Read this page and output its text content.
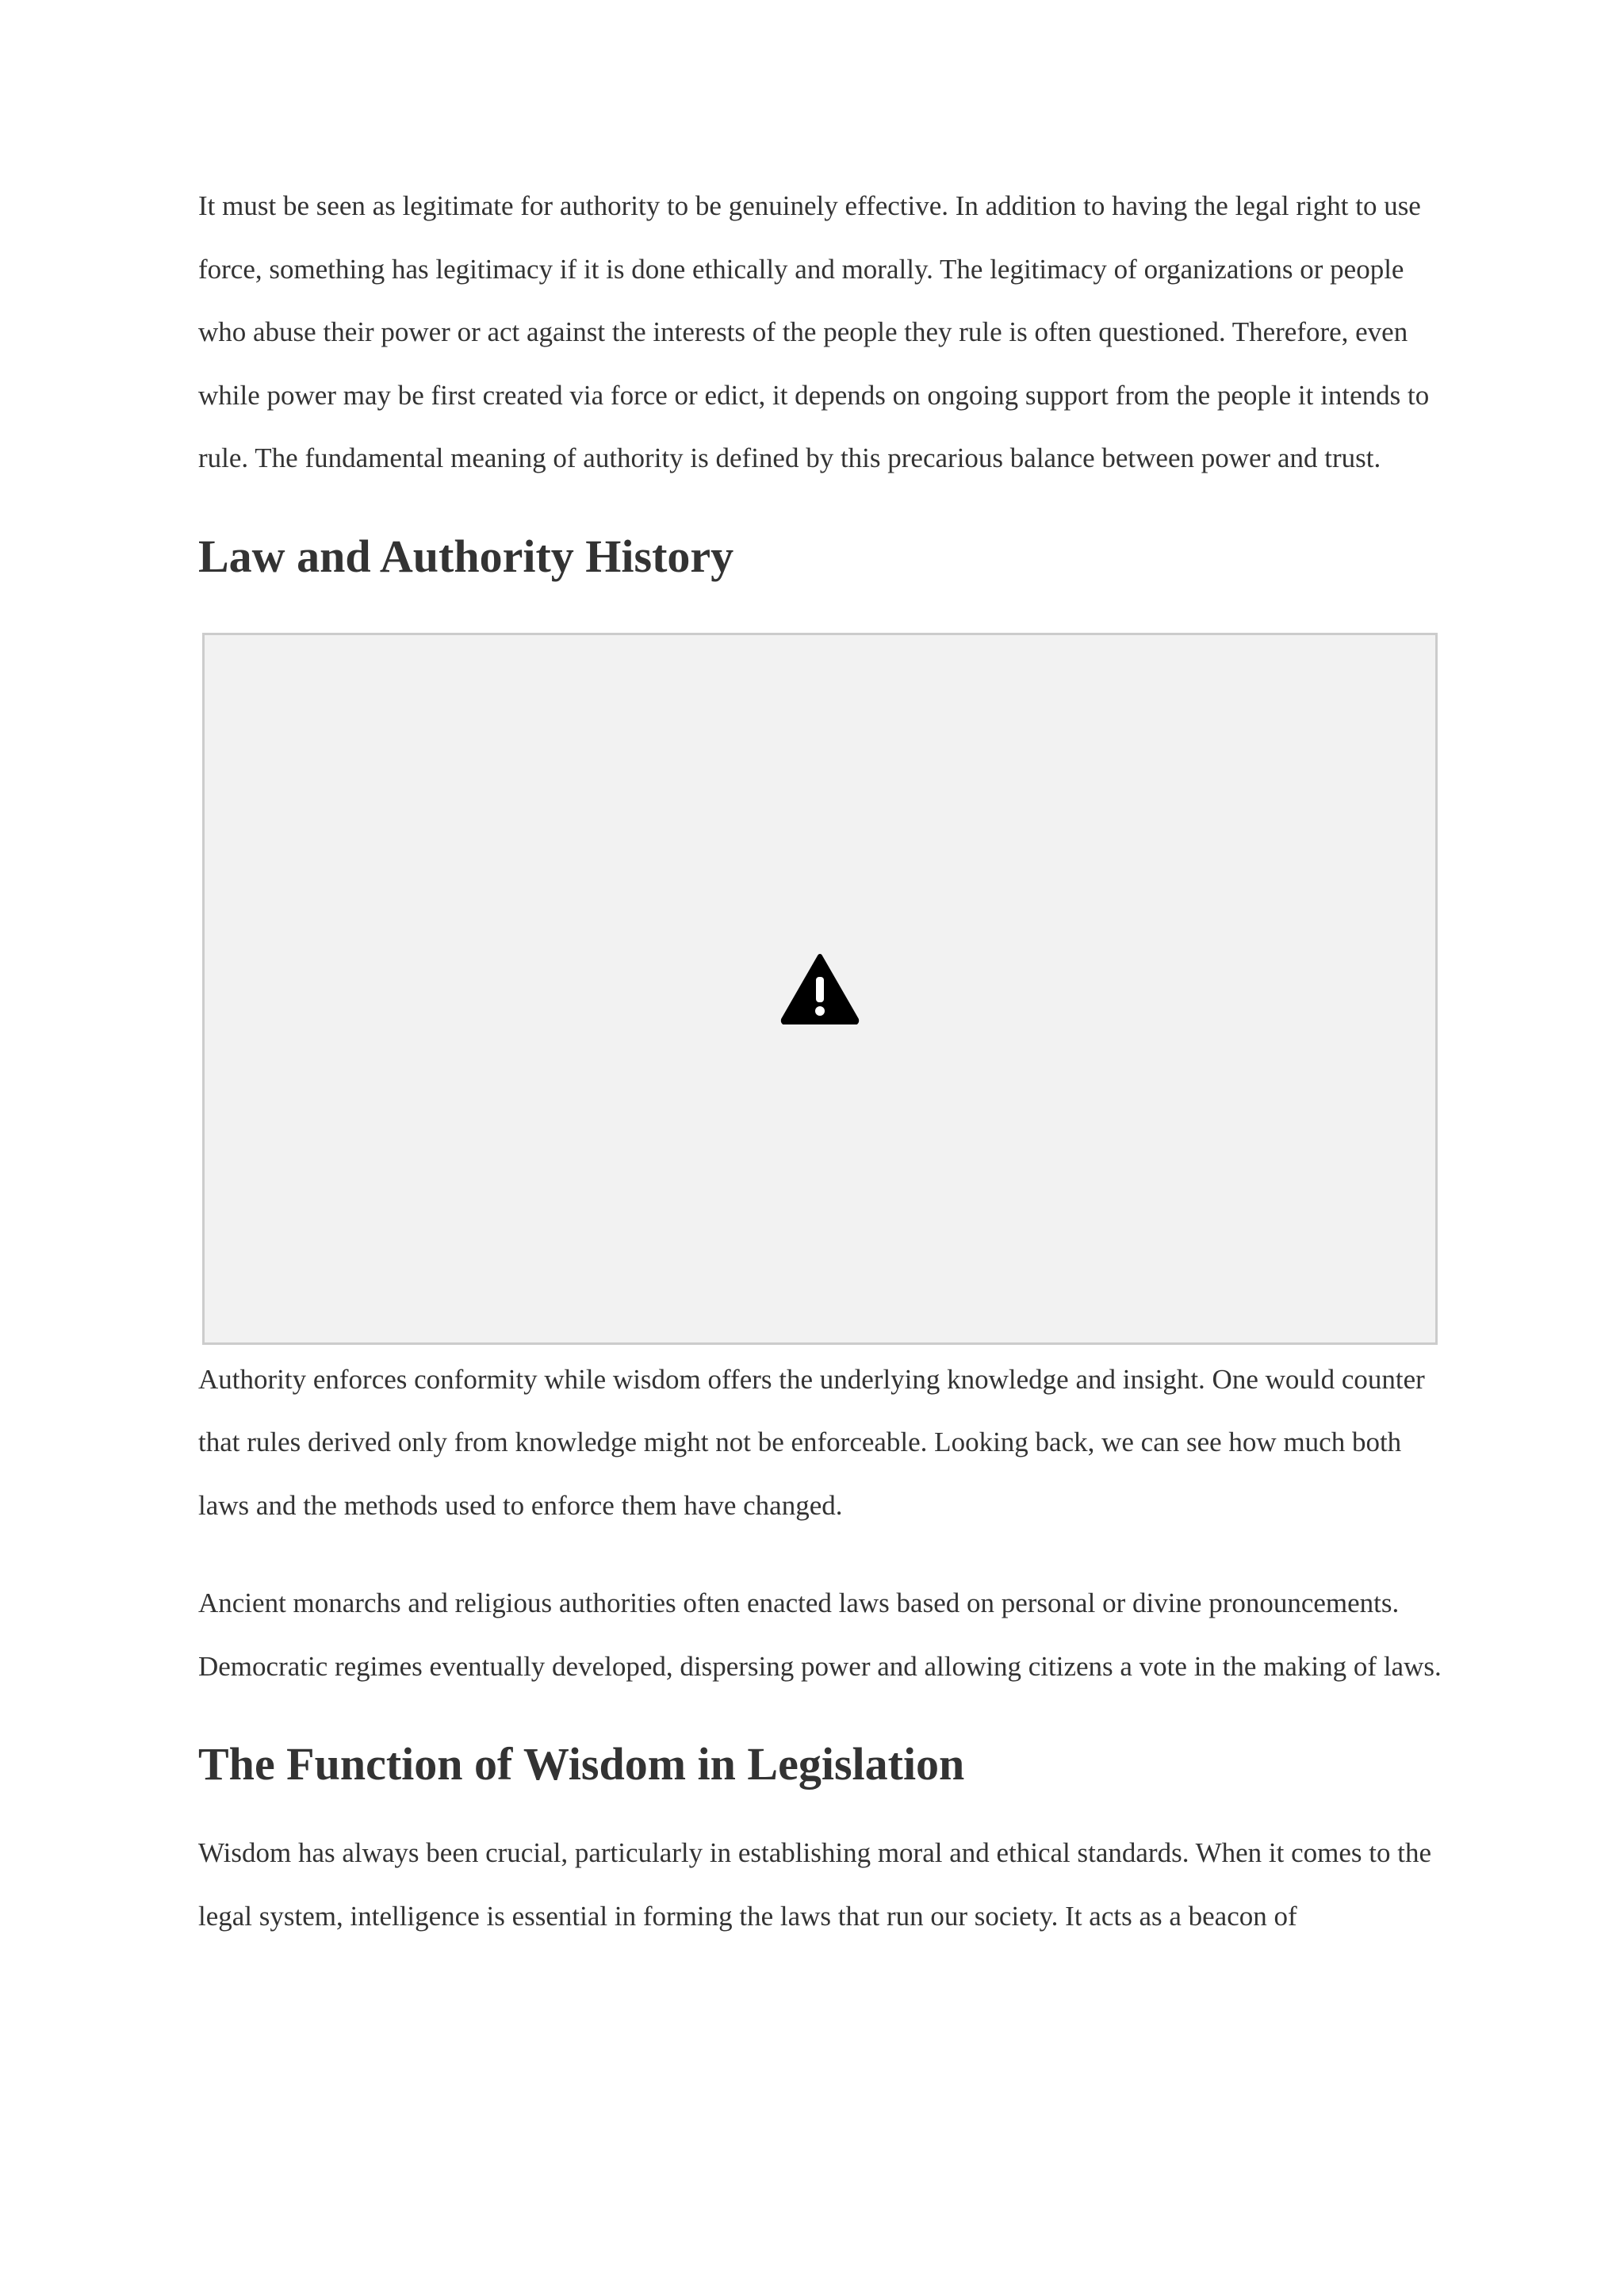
It must be seen as legitimate for authority to be genuinely effective. In addition to having the legal right to use force, something has legitimacy if it is done ethically and morally. The legitimacy of organizations or people who abuse their power or act against the interests of the people they rule is often questioned. Therefore, even while power may be first created via force or edict, it depends on ongoing support from the people it intends to rule. The fundamental meaning of authority is defined by this precarious balance between power and trust.

Law and Authority History

Authority enforces conformity while wisdom offers the underlying knowledge and insight. One would counter that rules derived only from knowledge might not be enforceable. Looking back, we can see how much both laws and the methods used to enforce them have changed.

Ancient monarchs and religious authorities often enacted laws based on personal or divine pronouncements. Democratic regimes eventually developed, dispersing power and allowing citizens a vote in the making of laws.

The Function of Wisdom in Legislation

Wisdom has always been crucial, particularly in establishing moral and ethical standards. When it comes to the legal system, intelligence is essential in forming the laws that run our society. It acts as a beacon of
